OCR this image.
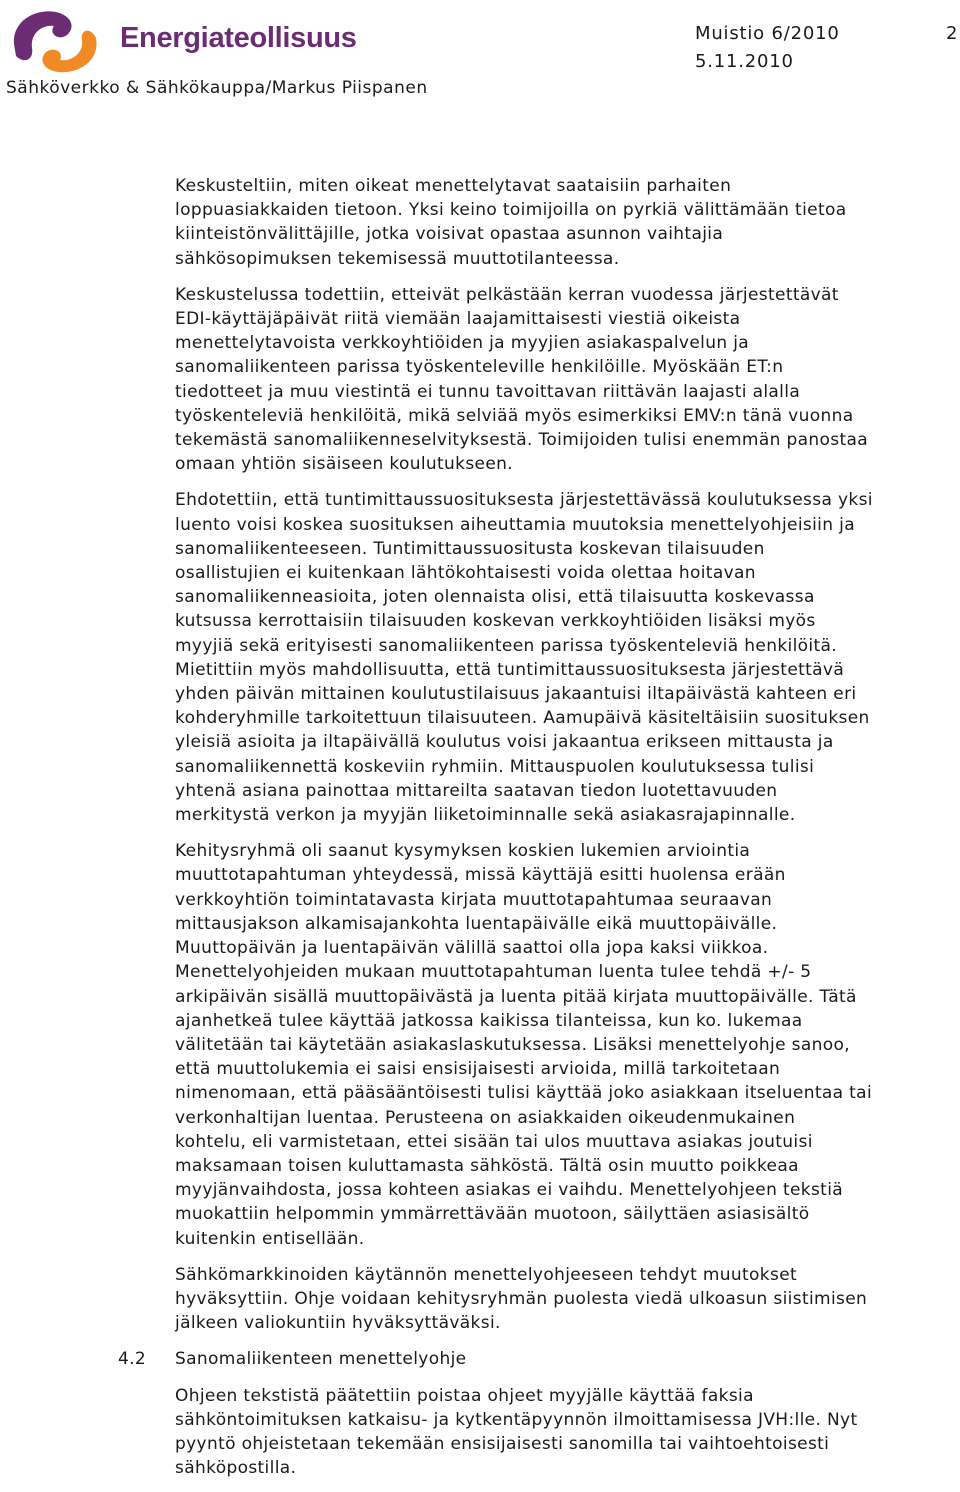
Energiateollisuus
Sähköverkko & Sähkökauppa/Markus Piispanen
Muistio 6/2010
5.11.2010
2

Keskusteltiin, miten oikeat menettelytavat saataisiin parhaiten
loppuasiakkaiden tietoon. Yksi keino toimijoilla on pyrkiä välittämään tietoa
kiinteistönvälittäjille, jotka voisivat opastaa asunnon vaihtajia
sähkösopimuksen tekemisessä muuttotilanteessa.

Keskustelussa todettiin, etteivät pelkästään kerran vuodessa järjestettävät
EDI-käyttäjäpäivät riitä viemään laajamittaisesti viestiä oikeista
menettelytavoista verkkoyhtiöiden ja myyjien asiakaspalvelun ja
sanomaliikenteen parissa työskenteleville henkilöille. Myöskään ET:n
tiedotteet ja muu viestintä ei tunnu tavoittavan riittävän laajasti alalla
työskenteleviä henkilöitä, mikä selviää myös esimerkiksi EMV:n tänä vuonna
tekemästä sanomaliikenneselvityksestä. Toimijoiden tulisi enemmän panostaa
omaan yhtiön sisäiseen koulutukseen.

Ehdotettiin, että tuntimittaussuosituksesta järjestettävässä koulutuksessa yksi
luento voisi koskea suosituksen aiheuttamia muutoksia menettelyohjeisiin ja
sanomaliikenteeseen. Tuntimittaussuositusta koskevan tilaisuuden
osallistujien ei kuitenkaan lähtökohtaisesti voida olettaa hoitavan
sanomaliikenneasioita, joten olennaista olisi, että tilaisuutta koskevassa
kutsussa kerrottaisiin tilaisuuden koskevan verkkoyhtiöiden lisäksi myös
myyjiä sekä erityisesti sanomaliikenteen parissa työskenteleviä henkilöitä.
Mietittiin myös mahdollisuutta, että tuntimittaussuosituksesta järjestettävä
yhden päivän mittainen koulutustilaisuus jakaantuisi iltapäivästä kahteen eri
kohderyhmille tarkoitettuun tilaisuuteen. Aamupäivä käsiteltäisiin suosituksen
yleisiä asioita ja iltapäivällä koulutus voisi jakaantua erikseen mittausta ja
sanomaliikennettä koskeviin ryhmiin. Mittauspuolen koulutuksessa tulisi
yhtenä asiana painottaa mittareilta saatavan tiedon luotettavuuden
merkitystä verkon ja myyjän liiketoiminnalle sekä asiakasrajapinnalle.

Kehitysryhmä oli saanut kysymyksen koskien lukemien arviointia
muuttotapahtuman yhteydessä, missä käyttäjä esitti huolensa erään
verkkoyhtiön toimintatavasta kirjata muuttotapahtumaa seuraavan
mittausjakson alkamisajankohta luentapäivälle eikä muuttopäivälle.
Muuttopäivän ja luentapäivän välillä saattoi olla jopa kaksi viikkoa.
Menettelyohjeiden mukaan muuttotapahtuman luenta tulee tehdä +/- 5
arkipäivän sisällä muuttopäivästä ja luenta pitää kirjata muuttopäivälle. Tätä
ajanhetkeä tulee käyttää jatkossa kaikissa tilanteissa, kun ko. lukemaa
välitetään tai käytetään asiakaslaskutuksessa. Lisäksi menettelyohje sanoo,
että muuttolukemia ei saisi ensisijaisesti arvioida, millä tarkoitetaan
nimenomaan, että pääsääntöisesti tulisi käyttää joko asiakkaan itseluentaa tai
verkonhaltijan luentaa. Perusteena on asiakkaiden oikeudenmukainen
kohtelu, eli varmistetaan, ettei sisään tai ulos muuttava asiakas joutuisi
maksamaan toisen kuluttamasta sähköstä. Tältä osin muutto poikkeaa
myyjänvaihdosta, jossa kohteen asiakas ei vaihdu. Menettelyohjeen tekstiä
muokattiin helpommin ymmärrettävään muotoon, säilyttäen asiasisältö
kuitenkin entisellään.

Sähkömarkkinoiden käytännön menettelyohjeeseen tehdyt muutokset
hyväksyttiin. Ohje voidaan kehitysryhmän puolesta viedä ulkoasun siistimisen
jälkeen valiokuntiin hyväksyttäväksi.

4.2 Sanomaliikenteen menettelyohje

Ohjeen tekstistä päätettiin poistaa ohjeet myyjälle käyttää faksia
sähköntoimituksen katkaisu- ja kytkentäpyynnön ilmoittamisessa JVH:lle. Nyt
pyyntö ohjeistetaan tekemään ensisijaisesti sanomilla tai vaihtoehtoisesti
sähköpostilla.
